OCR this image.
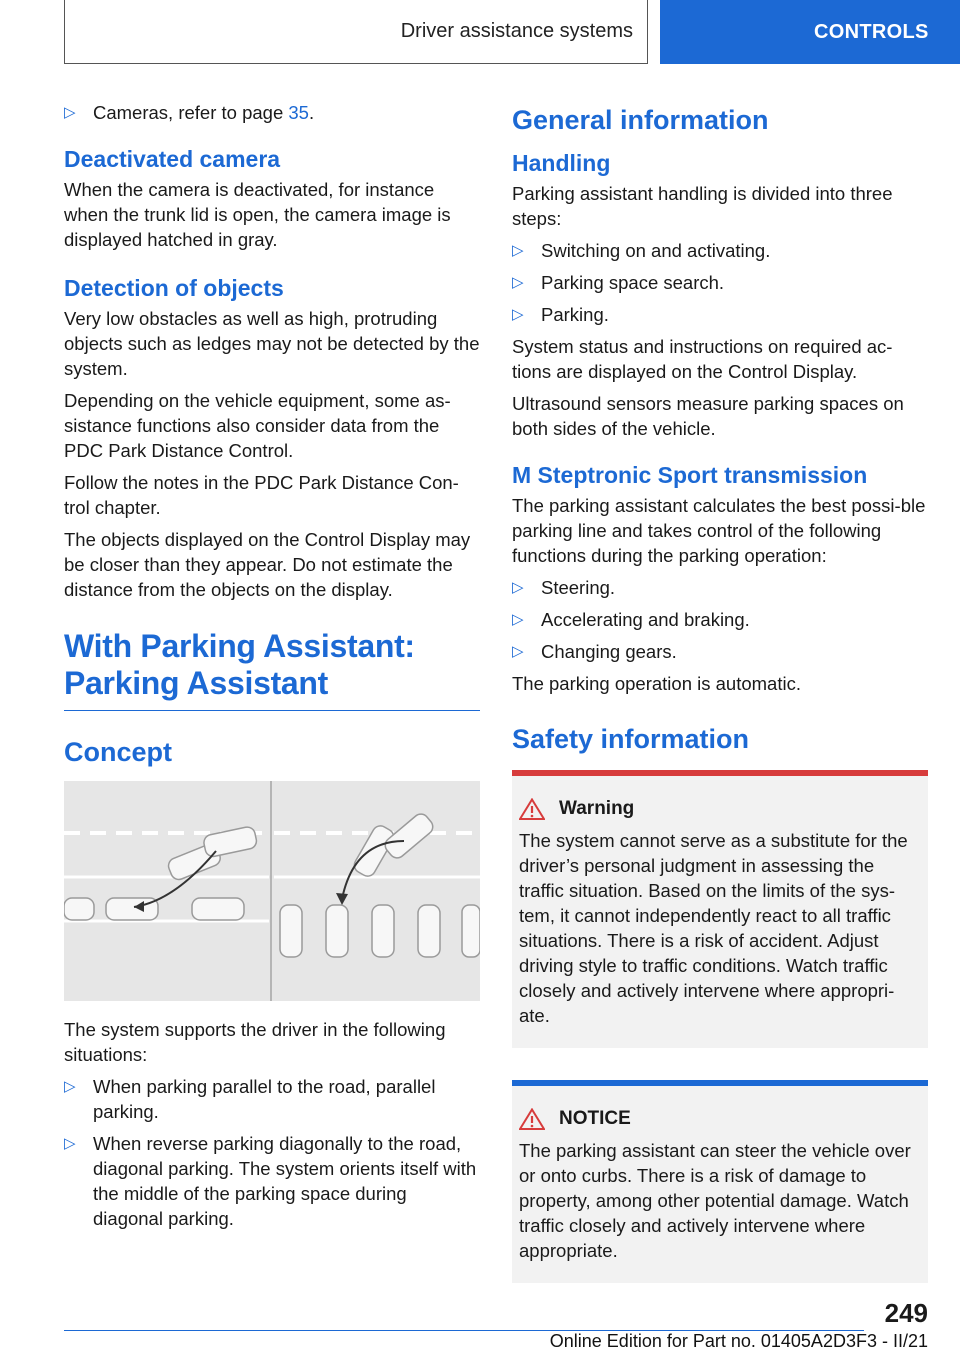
Driver assistance systems	CONTROLS
▷ Cameras, refer to page 35.
Deactivated camera

When the camera is deactivated, for instance when the trunk lid is open, the camera image is displayed hatched in gray.

Detection of objects

Very low obstacles as well as high, protruding objects such as ledges may not be detected by the system.

Depending on the vehicle equipment, some as-sistance functions also consider data from the PDC Park Distance Control.

Follow the notes in the PDC Park Distance Con-trol chapter.

The objects displayed on the Control Display may be closer than they appear. Do not estimate the distance from the objects on the display.

With Parking Assistant:
Parking Assistant
Concept

The system supports the driver in the following situations:

▷ When parking parallel to the road, parallel parking.
▷ When reverse parking diagonally to the road, diagonal parking. The system orients itself with the middle of the parking space during diagonal parking.
General information
Handling

Parking assistant handling is divided into three steps:

▷ Switching on and activating.
▷ Parking space search.
▷ Parking.

System status and instructions on required ac-tions are displayed on the Control Display.

Ultrasound sensors measure parking spaces on both sides of the vehicle.

M Steptronic Sport transmission

The parking assistant calculates the best possi-ble parking line and takes control of the following functions during the parking operation:

▷ Steering.
▷ Accelerating and braking.
▷ Changing gears.

The parking operation is automatic.

Safety information
Warning
The system cannot serve as a substitute for the driver’s personal judgment in assessing the traffic situation. Based on the limits of the sys-tem, it cannot independently react to all traffic situations. There is a risk of accident. Adjust driving style to traffic conditions. Watch traffic closely and actively intervene where appropri-ate.
NOTICE
The parking assistant can steer the vehicle over or onto curbs. There is a risk of damage to property, among other potential damage. Watch traffic closely and actively intervene where appropriate.
249
Online Edition for Part no. 01405A2D3F3 - II/21
